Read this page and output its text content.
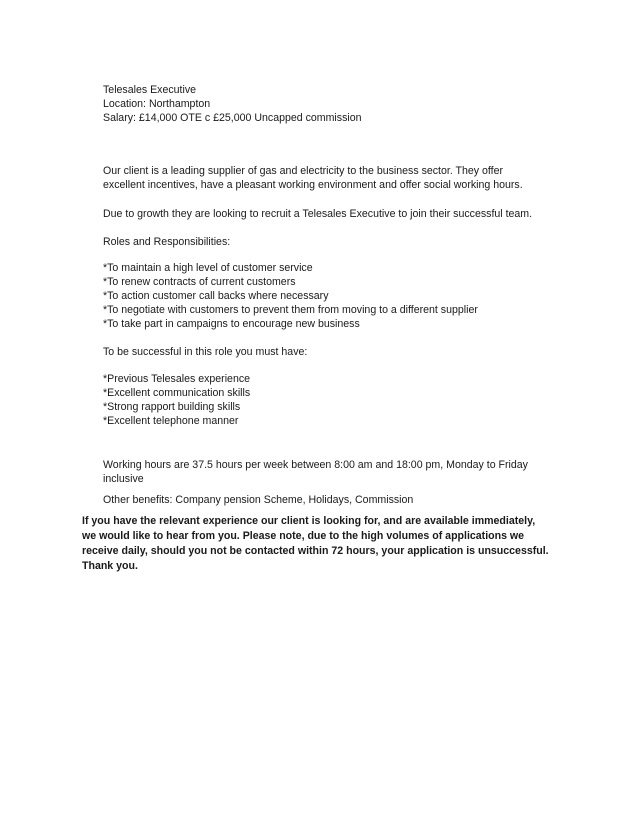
Telesales Executive
Location: Northampton
Salary: £14,000 OTE c £25,000 Uncapped commission
Our client is a leading supplier of gas and electricity to the business sector. They offer
excellent incentives, have a pleasant working environment and offer social working hours.
Due to growth they are looking to recruit a Telesales Executive to join their successful team.
Roles and Responsibilities:
*To maintain a high level of customer service
*To renew contracts of current customers
*To action customer call backs where necessary
*To negotiate with customers to prevent them from moving to a different supplier
*To take part in campaigns to encourage new business
To be successful in this role you must have:
*Previous Telesales experience
*Excellent communication skills
*Strong rapport building skills
*Excellent telephone manner
Working hours are 37.5 hours per week between 8:00 am and 18:00 pm, Monday to Friday
inclusive
Other benefits: Company pension Scheme, Holidays, Commission
If you have the relevant experience our client is looking for, and are available immediately,
we would like to hear from you. Please note, due to the high volumes of applications we
receive daily, should you not be contacted within 72 hours, your application is unsuccessful.
Thank you.
